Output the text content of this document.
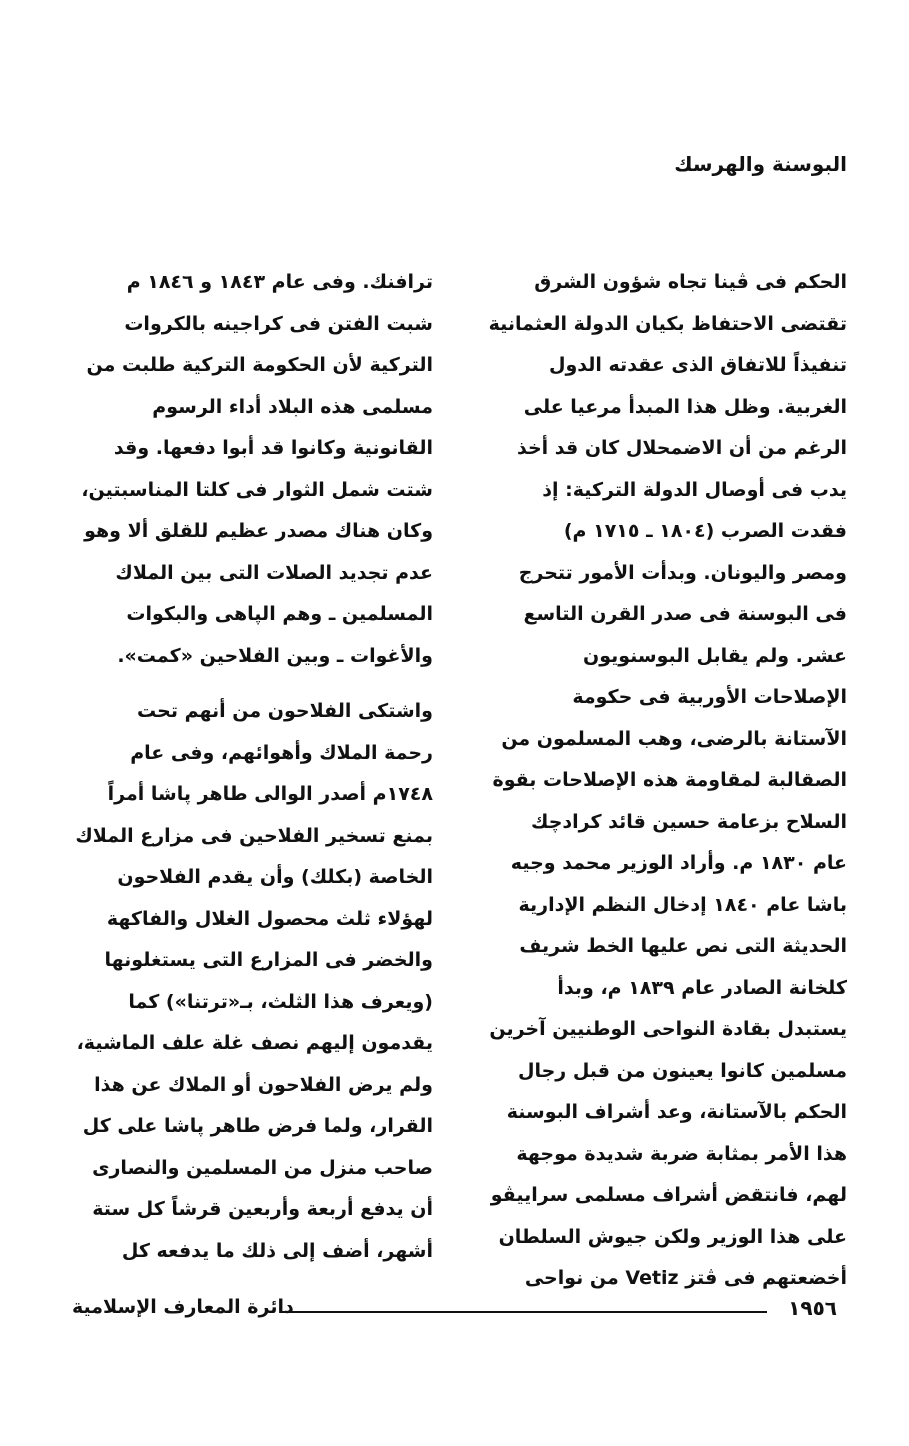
البوسنة والهرسك
الحكم فى ڤينا تجاه شؤون الشرق
تقتضى الاحتفاظ بكيان الدولة العثمانية
تنفيذاً للاتفاق الذى عقدته الدول
الغربية. وظل هذا المبدأ مرعيا على
الرغم من أن الاضمحلال كان قد أخذ
يدب فى أوصال الدولة التركية: إذ
فقدت الصرب (١٨٠٤ ـ ١٧١٥ م)
ومصر واليونان. وبدأت الأمور تتحرج
فى البوسنة فى صدر القرن التاسع
عشر. ولم يقابل البوسنويون
الإصلاحات الأوربية فى حكومة
الآستانة بالرضى، وهب المسلمون من
الصقالبة لمقاومة هذه الإصلاحات بقوة
السلاح بزعامة حسين قائد كرادچك
عام ١٨٣٠ م. وأراد الوزير محمد وجيه
باشا عام ١٨٤٠ إدخال النظم الإدارية
الحديثة التى نص عليها الخط شريف
كلخانة الصادر عام ١٨٣٩ م، وبدأ
يستبدل بقادة النواحى الوطنيين آخرين
مسلمين كانوا يعينون من قبل رجال
الحكم بالآستانة، وعد أشراف البوسنة
هذا الأمر بمثابة ضربة شديدة موجهة
لهم، فانتقض أشراف مسلمى سراييڤو
على هذا الوزير ولكن جيوش السلطان
أخضعتهم فى ڤتز Vetiz من نواحى
ترافنك. وفى عام ١٨٤٣ و ١٨٤٦ م
شبت الفتن فى كراجينه بالكروات
التركية لأن الحكومة التركية طلبت من
مسلمى هذه البلاد أداء الرسوم
القانونية وكانوا قد أبوا دفعها. وقد
شتت شمل الثوار فى كلتا المناسبتين،
وكان هناك مصدر عظيم للقلق ألا وهو
عدم تجديد الصلات التى بين الملاك
المسلمين ـ وهم الپاهى والبكوات
والأغوات ـ وبين الفلاحين «كمت».
واشتكى الفلاحون من أنهم تحت
رحمة الملاك وأهوائهم، وفى عام
١٧٤٨م أصدر الوالى طاهر پاشا أمراً
بمنع تسخير الفلاحين فى مزارع الملاك
الخاصة (بكلك) وأن يقدم الفلاحون
لهؤلاء ثلث محصول الغلال والفاكهة
والخضر فى المزارع التى يستغلونها
(ويعرف هذا الثلث، بـ«ترتنا») كما
يقدمون إليهم نصف غلة علف الماشية،
ولم يرض الفلاحون أو الملاك عن هذا
القرار، ولما فرض طاهر پاشا على كل
صاحب منزل من المسلمين والنصارى
أن يدفع أربعة وأربعين قرشاً كل ستة
أشهر، أضف إلى ذلك ما يدفعه كل
١٩٥٦
دائرة المعارف الإسلامية
